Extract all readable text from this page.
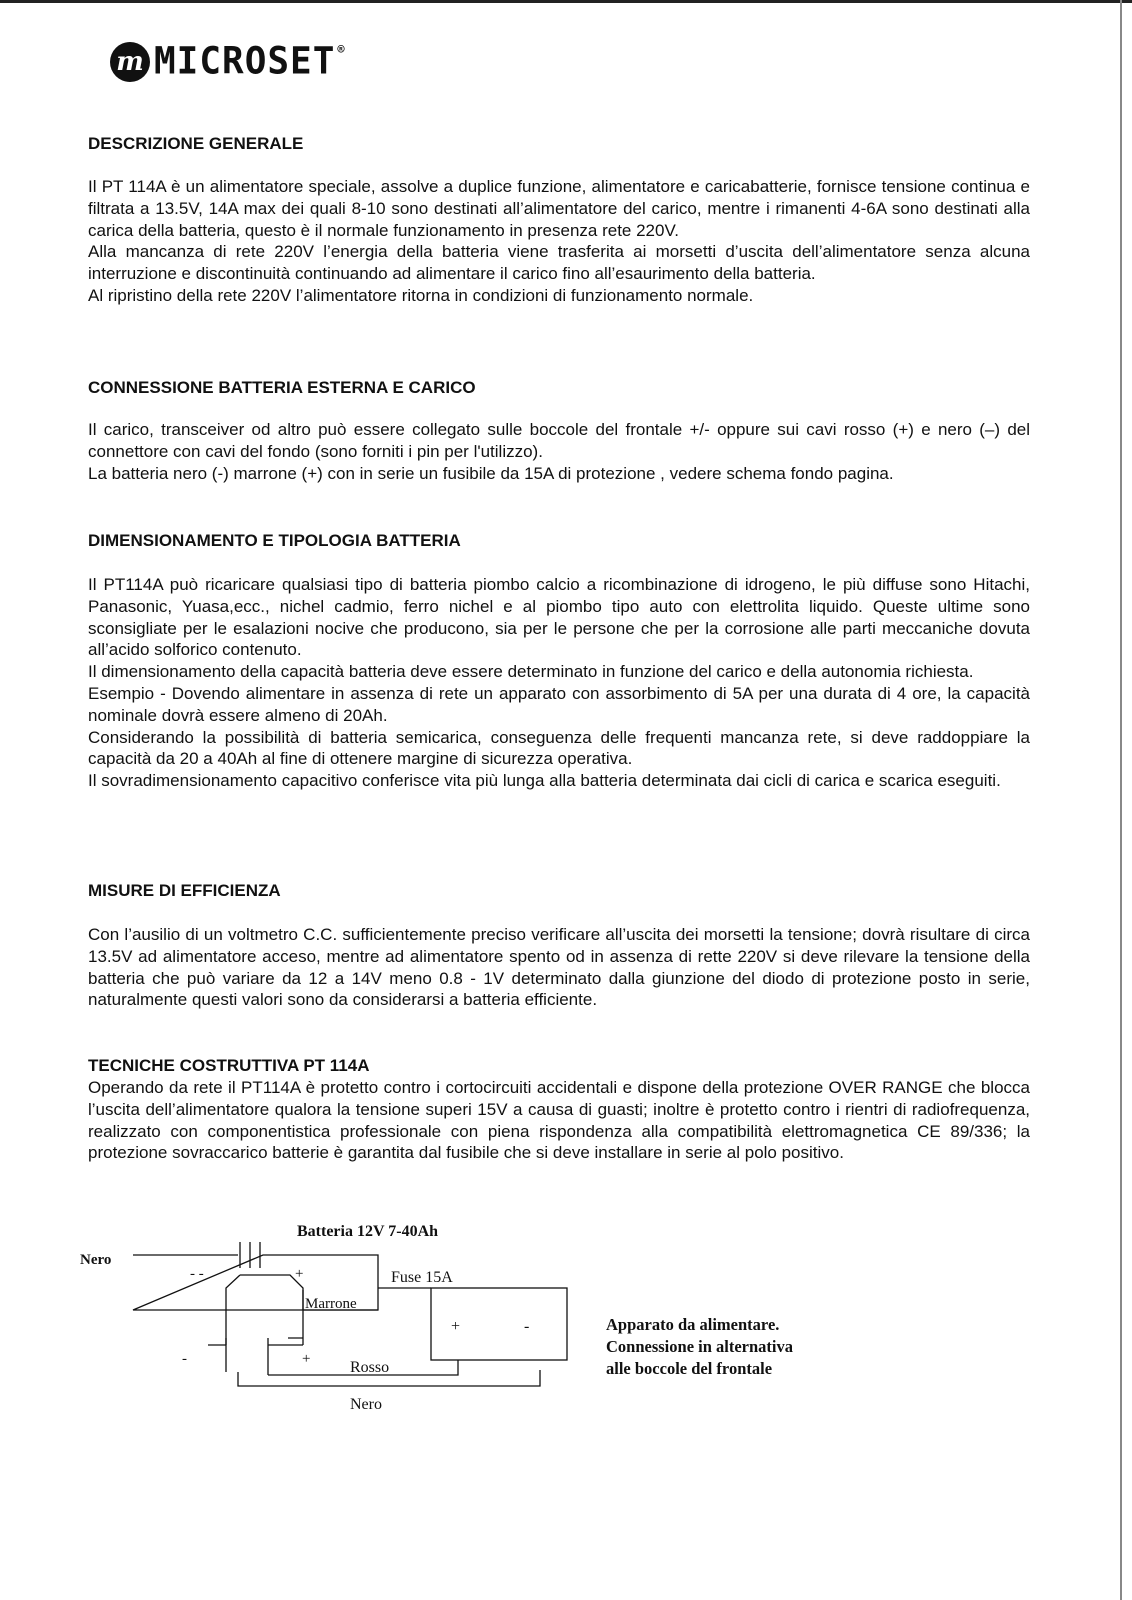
m MICROSET ®
DESCRIZIONE GENERALE

Il PT 114A è un alimentatore speciale, assolve a duplice funzione, alimentatore e caricabatterie, fornisce tensione continua e filtrata a 13.5V, 14A max dei quali 8-10 sono destinati all’alimentatore del carico, mentre i rimanenti 4-6A sono destinati alla carica della batteria, questo è il normale funzionamento in presenza rete 220V.

Alla mancanza di rete 220V l’energia della batteria viene trasferita ai morsetti d’uscita dell’alimentatore senza alcuna interruzione e discontinuità continuando ad alimentare il carico fino all’esaurimento della batteria.

Al ripristino della rete 220V l’alimentatore ritorna in condizioni di funzionamento normale.

CONNESSIONE BATTERIA ESTERNA E CARICO

Il carico, transceiver od altro può essere collegato sulle boccole del frontale +/- oppure sui cavi rosso (+) e nero (–) del connettore con cavi del fondo (sono forniti i pin per l'utilizzo).

La batteria nero (-) marrone (+) con in serie un fusibile da 15A di protezione , vedere schema fondo pagina.

DIMENSIONAMENTO E TIPOLOGIA BATTERIA

Il PT114A può ricaricare qualsiasi tipo di batteria piombo calcio a ricombinazione di idrogeno, le più diffuse sono Hitachi, Panasonic, Yuasa,ecc., nichel cadmio, ferro nichel e al piombo tipo auto con elettrolita liquido. Queste ultime sono sconsigliate per le esalazioni nocive che producono, sia per le persone che per la corrosione alle parti meccaniche dovuta all’acido solforico contenuto.

Il dimensionamento della capacità batteria deve essere determinato in funzione del carico e della autonomia richiesta.

Esempio - Dovendo alimentare in assenza di rete un apparato con assorbimento di 5A per una durata di 4 ore, la capacità nominale dovrà essere almeno di 20Ah.

Considerando la possibilità di batteria semicarica, conseguenza delle frequenti mancanza rete, si deve raddoppiare la capacità da 20 a 40Ah al fine di ottenere margine di sicurezza operativa.

Il sovradimensionamento capacitivo conferisce vita più lunga alla batteria determinata dai cicli di carica e scarica eseguiti.

MISURE DI EFFICIENZA

Con l’ausilio di un voltmetro C.C. sufficientemente preciso verificare all’uscita dei morsetti la tensione; dovrà risultare di circa 13.5V ad alimentatore acceso, mentre ad alimentatore spento od in assenza di rette 220V si deve rilevare la tensione della batteria che può variare da 12 a 14V meno 0.8 - 1V determinato dalla giunzione del diodo di protezione posto in serie, naturalmente questi valori sono da considerarsi a batteria efficiente.

TECNICHE COSTRUTTIVA PT 114A

Operando da rete il PT114A è protetto contro i cortocircuiti accidentali e dispone della protezione OVER RANGE che blocca l’uscita dell’alimentatore qualora la tensione superi 15V a causa di guasti; inoltre è protetto contro i rientri di radiofrequenza, realizzato con componentistica professionale con piena rispondenza alla compatibilità elettromagnetica CE 89/336; la protezione sovraccarico batterie è garantita dal fusibile che si deve installare in serie al polo positivo.

Batteria 12V 7-40Ah
Nero
- -	+	Fuse 15A
Marrone
+	-
-	+ Rosso
Nero
Apparato da alimentare.
Connessione in alternativa
alle boccole del frontale
